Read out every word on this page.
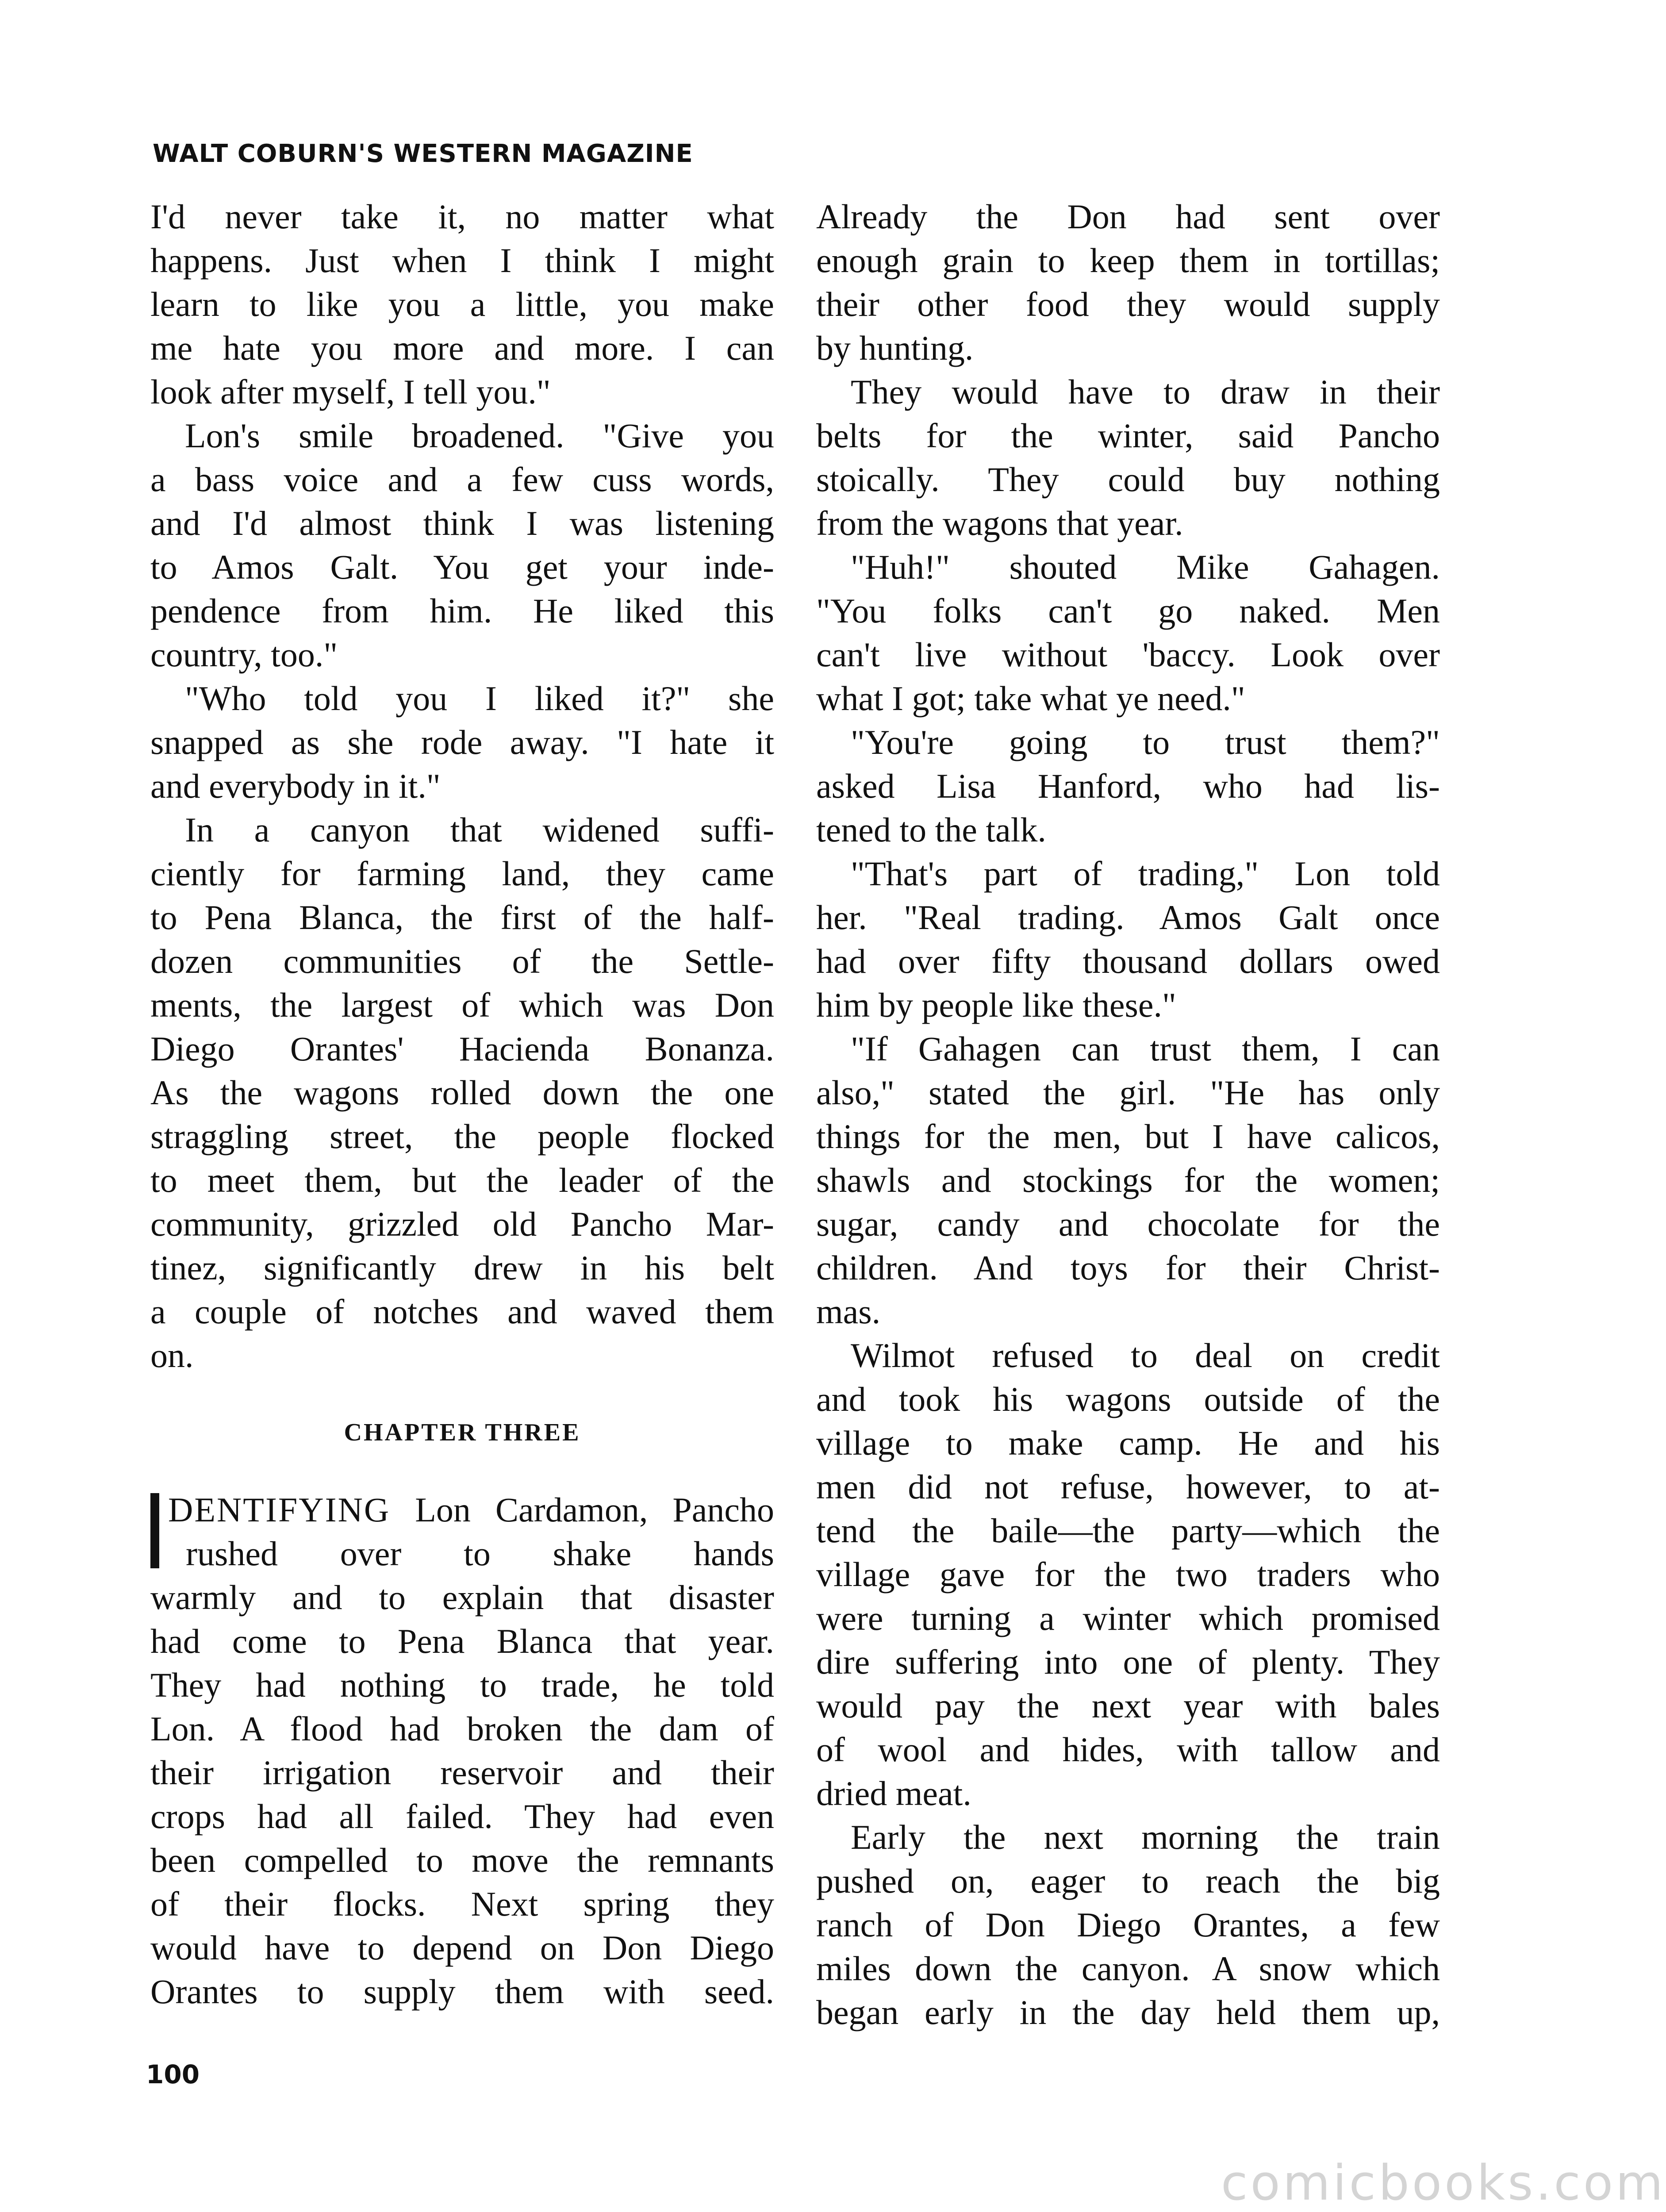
WALT COBURN'S WESTERN MAGAZINE
I'd never take it, no matter what
happens. Just when I think I might
learn to like you a little, you make
me hate you more and more. I can
look after myself, I tell you."
Lon's smile broadened. "Give you
a bass voice and a few cuss words,
and I'd almost think I was listening
to Amos Galt. You get your inde-
pendence from him. He liked this
country, too."
"Who told you I liked it?" she
snapped as she rode away. "I hate it
and everybody in it."
In a canyon that widened suffi-
ciently for farming land, they came
to Pena Blanca, the first of the half-
dozen communities of the Settle-
ments, the largest of which was Don
Diego Orantes' Hacienda Bonanza.
As the wagons rolled down the one
straggling street, the people flocked
to meet them, but the leader of the
community, grizzled old Pancho Mar-
tinez, significantly drew in his belt
a couple of notches and waved them
on.
CHAPTER THREE
DENTIFYING Lon Cardamon, Pancho
rushed over to shake hands
warmly and to explain that disaster
had come to Pena Blanca that year.
They had nothing to trade, he told
Lon. A flood had broken the dam of
their irrigation reservoir and their
crops had all failed. They had even
been compelled to move the remnants
of their flocks. Next spring they
would have to depend on Don Diego
Orantes to supply them with seed.
Already the Don had sent over
enough grain to keep them in tortillas;
their other food they would supply
by hunting.
They would have to draw in their
belts for the winter, said Pancho
stoically. They could buy nothing
from the wagons that year.
"Huh!" shouted Mike Gahagen.
"You folks can't go naked. Men
can't live without 'baccy. Look over
what I got; take what ye need."
"You're going to trust them?"
asked Lisa Hanford, who had lis-
tened to the talk.
"That's part of trading," Lon told
her. "Real trading. Amos Galt once
had over fifty thousand dollars owed
him by people like these."
"If Gahagen can trust them, I can
also," stated the girl. "He has only
things for the men, but I have calicos,
shawls and stockings for the women;
sugar, candy and chocolate for the
children. And toys for their Christ-
mas.
Wilmot refused to deal on credit
and took his wagons outside of the
village to make camp. He and his
men did not refuse, however, to at-
tend the baile—the party—which the
village gave for the two traders who
were turning a winter which promised
dire suffering into one of plenty. They
would pay the next year with bales
of wool and hides, with tallow and
dried meat.
Early the next morning the train
pushed on, eager to reach the big
ranch of Don Diego Orantes, a few
miles down the canyon. A snow which
began early in the day held them up,
100
comicbooks.com
